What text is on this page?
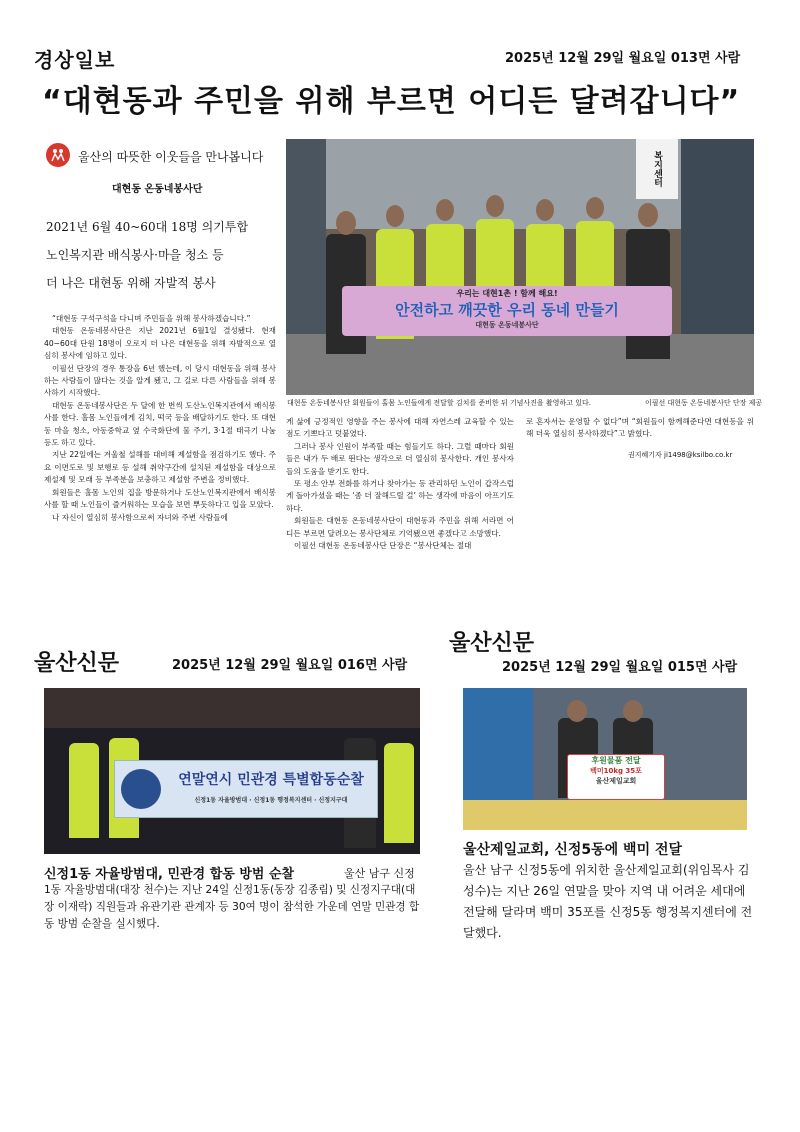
경상일보	2025년 12월 29일 월요일 013면 사람
“대현동과 주민을 위해 부르면 어디든 달려갑니다”
울산의 따뜻한 이웃들을 만나봅니다
대현동 온동네봉사단
2021년 6월 40~60대 18명 의기투합
노인복지관 배식봉사·마을 청소 등
더 나은 대현동 위해 자발적 봉사
복지센터
우리는 대현1촌 ! 함께 해요!
안전하고 깨끗한 우리 동네 만들기
대현동 온동네봉사단
대현동 온동네봉사단 회원들이 홀몸 노인들에게 전달할 김치를 준비한 뒤 기념사진을 촬영하고 있다.	이필선 대현동 온동네봉사단 단장 제공

“대현동 구석구석을 다니며 주민들을 위해 봉사하겠습니다.”

대현동 온동네봉사단은 지난 2021년 6월1일 결성됐다. 현재 40~60대 단원 18명이 오로지 더 나은 대현동을 위해 자발적으로 열심히 봉사에 임하고 있다.

이필선 단장의 경우 통장을 6년 했는데, 이 당시 대현동을 위해 봉사하는 사람들이 많다는 것을 알게 됐고, 그 길로 다른 사람들을 위해 봉사하기 시작했다.

대현동 온동네봉사단은 두 달에 한 번씩 도산노인복지관에서 배식봉사를 한다. 홀몸 노인들에게 김치, 떡국 등을 배달하기도 한다. 또 대현동 마을 청소, 아동중학교 옆 수국화단에 물 주기, 3·1절 태극기 나눔 등도 하고 있다.

지난 22일에는 겨울철 설해를 대비해 제설함을 점검하기도 했다. 주요 이면도로 및 보행로 등 설해 취약구간에 설치된 제설함을 대상으로 제설제 및 모래 등 부족분을 보충하고 제설함 주변을 정비했다.

회원들은 홀몸 노인의 집을 방문하거나 도산노인복지관에서 배식봉사를 할 때 노인들이 즐거워하는 모습을 보면 뿌듯하다고 입을 모았다.

나 자신이 열심히 봉사함으로써 자녀와 주변 사람들에

게 삶에 긍정적인 영향을 주는 봉사에 대해 자연스레 교육할 수 있는 점도 기쁘다고 덧붙였다.

그러나 봉사 인원이 부족할 때는 힘들기도 하다. 그럴 때마다 회원들은 내가 두 배로 뛴다는 생각으로 더 열심히 봉사한다. 개인 봉사자들의 도움을 받기도 한다.

또 평소 안부 전화를 하거나 찾아가는 등 관리하던 노인이 갑작스럽게 돌아가셨을 때는 ‘좀 더 잘해드릴 걸’ 하는 생각에 마음이 아프기도 하다.

회원들은 대현동 온동네봉사단이 대현동과 주민을 위해 서라면 어디든 부르면 달려오는 봉사단체로 기억됐으면 좋겠다고 소망했다.

이필선 대현동 온동네봉사단 단장은 “봉사단체는 절대

로 혼자서는 운영할 수 없다”며 “회원들이 함께해준다면 대현동을 위해 더욱 열심히 봉사하겠다”고 밝혔다.

권지혜기자 ji1498@ksilbo.co.kr
울산신문	2025년 12월 29일 월요일 016면 사람
연말연시 민관경 특별합동순찰
신정1동 자율방범대 · 신정1동 행정복지센터 · 신정지구대
신정1동 자율방범대, 민관경 합동 방범 순찰	울산 남구 신정
1동 자율방범대(대장 천수)는 지난 24일 신정1동(동장 김종림) 및 신정지구대(대장 이재락) 직원들과 유관기관 관계자 등 30여 명이 참석한 가운데 연말 민관경 합동 방범 순찰을 실시했다.
울산신문
2025년 12월 29일 월요일 015면 사람
후원물품 전달
백미10kg 35포
울산제일교회
울산제일교회, 신정5동에 백미 전달
울산 남구 신정5동에 위치한 울산제일교회(위임목사 김성수)는 지난 26일 연말을 맞아 지역 내 어려운 세대에 전달해 달라며 백미 35포를 신정5동 행정복지센터에 전달했다.
